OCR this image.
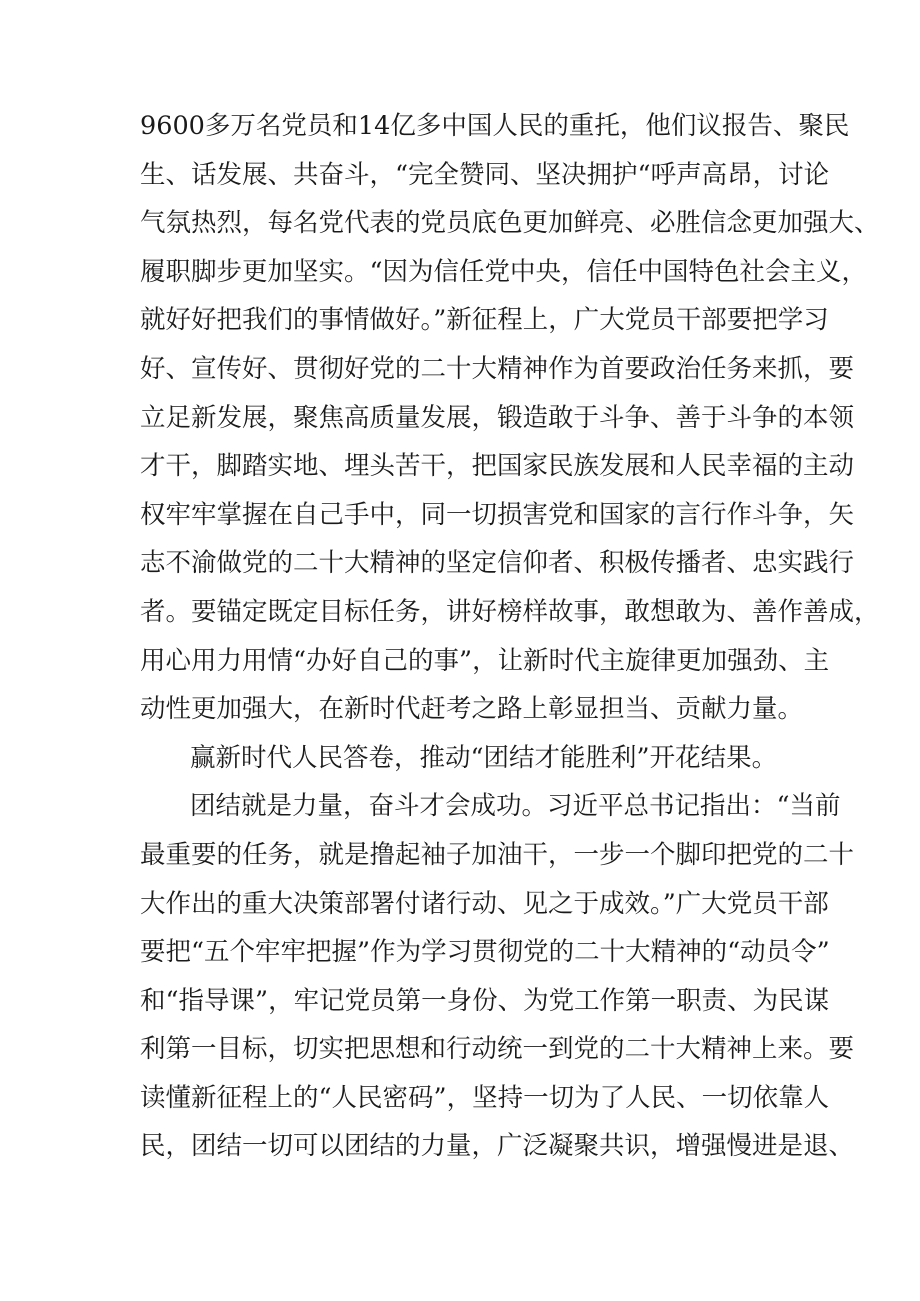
9600多万名党员和14亿多中国人民的重托，他们议报告、聚民
生、话发展、共奋斗，“完全赞同、坚决拥护“呼声高昂，讨论
气氛热烈，每名党代表的党员底色更加鲜亮、必胜信念更加强大、
履职脚步更加坚实。“因为信任党中央，信任中国特色社会主义，
就好好把我们的事情做好。”新征程上，广大党员干部要把学习
好、宣传好、贯彻好党的二十大精神作为首要政治任务来抓，要
立足新发展，聚焦高质量发展，锻造敢于斗争、善于斗争的本领
才干，脚踏实地、埋头苦干，把国家民族发展和人民幸福的主动
权牢牢掌握在自己手中，同一切损害党和国家的言行作斗争，矢
志不渝做党的二十大精神的坚定信仰者、积极传播者、忠实践行
者。要锚定既定目标任务，讲好榜样故事，敢想敢为、善作善成，
用心用力用情“办好自己的事”，让新时代主旋律更加强劲、主
动性更加强大，在新时代赶考之路上彰显担当、贡献力量。
赢新时代人民答卷，推动“团结才能胜利”开花结果。
团结就是力量，奋斗才会成功。习近平总书记指出：“当前
最重要的任务，就是撸起袖子加油干，一步一个脚印把党的二十
大作出的重大决策部署付诸行动、见之于成效。”广大党员干部
要把“五个牢牢把握”作为学习贯彻党的二十大精神的“动员令”
和“指导课”，牢记党员第一身份、为党工作第一职责、为民谋
利第一目标，切实把思想和行动统一到党的二十大精神上来。要
读懂新征程上的“人民密码”，坚持一切为了人民、一切依靠人
民，团结一切可以团结的力量，广泛凝聚共识，增强慢进是退、
